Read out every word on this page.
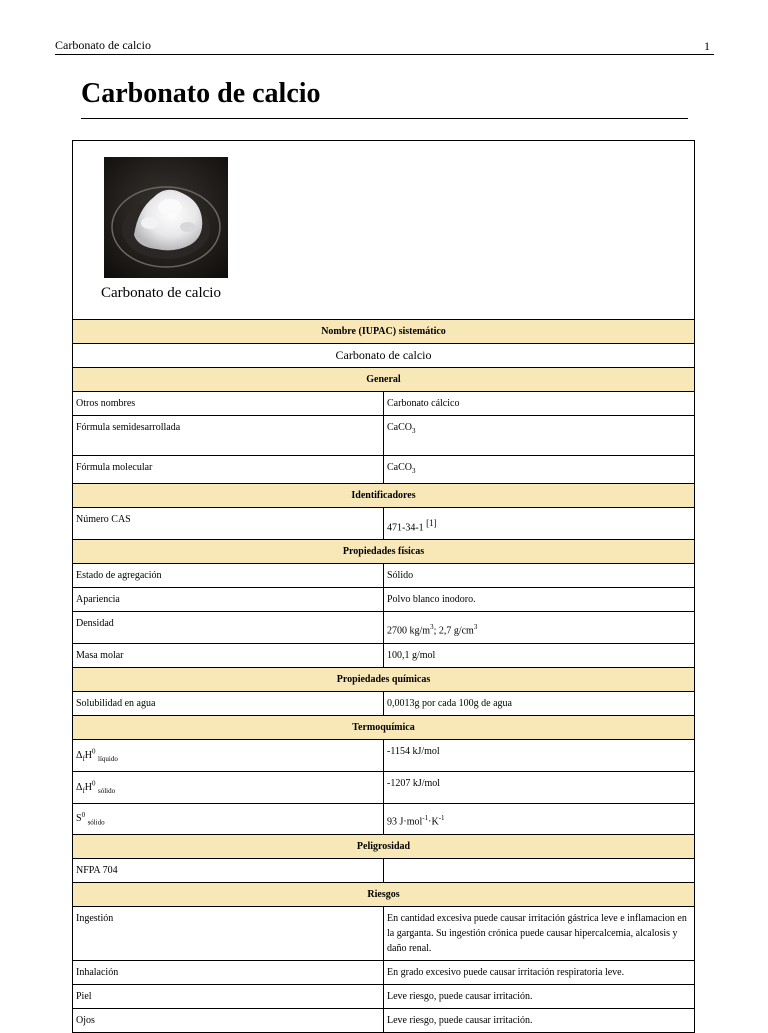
Carbonato de calcio	1
Carbonato de calcio
Carbonato de calcio
Nombre (IUPAC) sistemático	
Carbonato de calcio	
General	
Otros nombres	Carbonato cálcico
Fórmula semidesarrollada	CaCO$_3$
Fórmula molecular	CaCO$_3$
Identificadores	
Número CAS	471-34-1 [1]
Propiedades físicas	
Estado de agregación	Sólido
Apariencia	Polvo blanco inodoro.
Densidad	2700 $kg/m^3$; 2,7 $g/cm^3$
Masa molar	100,1 g/mol
Propiedades químicas	
Solubilidad en agua	0,0013g por cada 100g de agua
Termoquímica	
$\Delta_fH^0$ $_{líquido}$	-1154 kJ/mol
$\Delta_fH^0$ $_{sólido}$	-1207 kJ/mol
$S^0$ $_{sólido}$	93 $J\cdot mol^{-1}\cdot K^{-1}$
Peligrosidad	
NFPA 704	
Riesgos	
Ingestión	En cantidad excesiva puede causar irritación gástrica leve e inflamacion en la garganta. Su ingestión crónica puede causar hipercalcemia, alcalosis y daño renal.
Inhalación	En grado excesivo puede causar irritación respiratoria leve.
Piel	Leve riesgo, puede causar irritación.
Ojos	Leve riesgo, puede causar irritación.
